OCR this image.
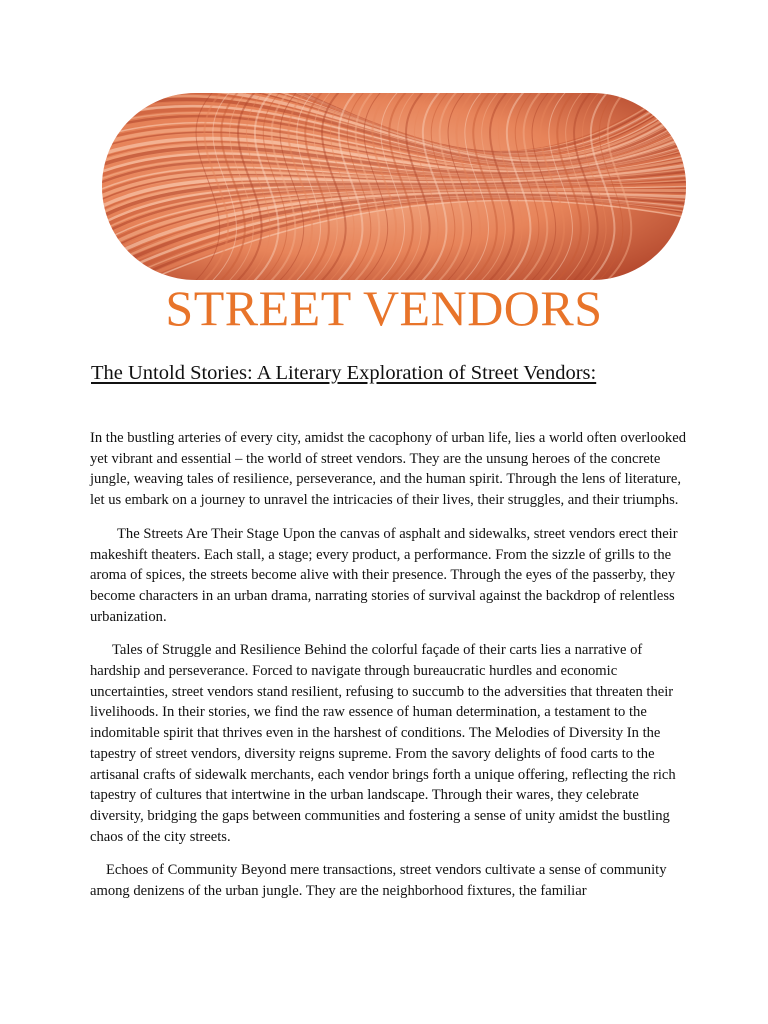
STREET VENDORS
The Untold Stories: A Literary Exploration of Street Vendors:

In the bustling arteries of every city, amidst the cacophony of urban life, lies a world often overlooked yet vibrant and essential – the world of street vendors. They are the unsung heroes of the concrete jungle, weaving tales of resilience, perseverance, and the human spirit. Through the lens of literature, let us embark on a journey to unravel the intricacies of their lives, their struggles, and their triumphs.

The Streets Are Their Stage Upon the canvas of asphalt and sidewalks, street vendors erect their makeshift theaters. Each stall, a stage; every product, a performance. From the sizzle of grills to the aroma of spices, the streets become alive with their presence. Through the eyes of the passerby, they become characters in an urban drama, narrating stories of survival against the backdrop of relentless urbanization.

Tales of Struggle and Resilience Behind the colorful façade of their carts lies a narrative of hardship and perseverance. Forced to navigate through bureaucratic hurdles and economic uncertainties, street vendors stand resilient, refusing to succumb to the adversities that threaten their livelihoods. In their stories, we find the raw essence of human determination, a testament to the indomitable spirit that thrives even in the harshest of conditions. The Melodies of Diversity In the tapestry of street vendors, diversity reigns supreme. From the savory delights of food carts to the artisanal crafts of sidewalk merchants, each vendor brings forth a unique offering, reflecting the rich tapestry of cultures that intertwine in the urban landscape. Through their wares, they celebrate diversity, bridging the gaps between communities and fostering a sense of unity amidst the bustling chaos of the city streets.

Echoes of Community Beyond mere transactions, street vendors cultivate a sense of community among denizens of the urban jungle. They are the neighborhood fixtures, the familiar
